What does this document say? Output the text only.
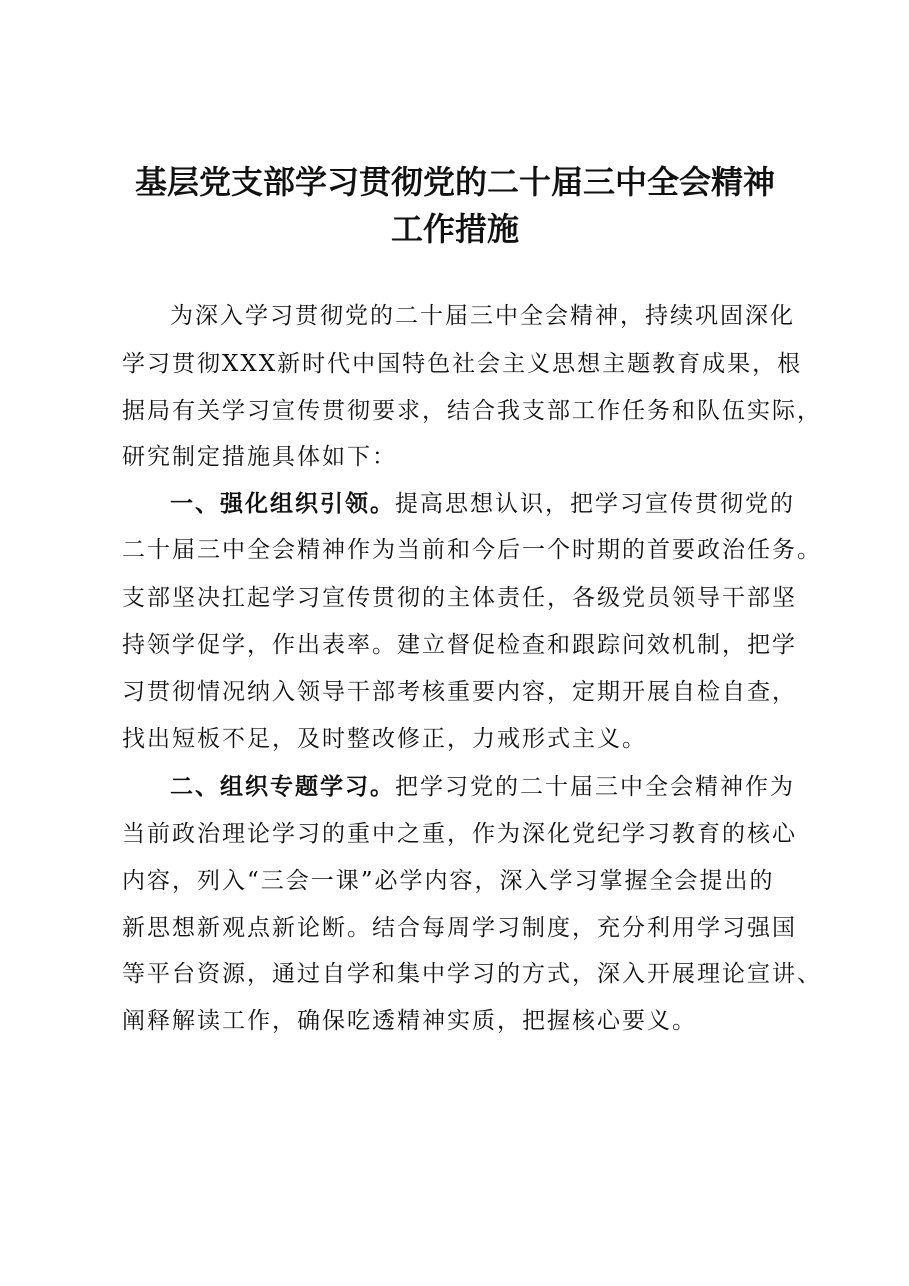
基层党支部学习贯彻党的二十届三中全会精神
工作措施
为深入学习贯彻党的二十届三中全会精神，持续巩固深化
学习贯彻XXX新时代中国特色社会主义思想主题教育成果，根
据局有关学习宣传贯彻要求，结合我支部工作任务和队伍实际，
研究制定措施具体如下：
一、强化组织引领。提高思想认识，把学习宣传贯彻党的
二十届三中全会精神作为当前和今后一个时期的首要政治任务。
支部坚决扛起学习宣传贯彻的主体责任，各级党员领导干部坚
持领学促学，作出表率。建立督促检查和跟踪问效机制，把学
习贯彻情况纳入领导干部考核重要内容，定期开展自检自查，
找出短板不足，及时整改修正，力戒形式主义。
二、组织专题学习。把学习党的二十届三中全会精神作为
当前政治理论学习的重中之重，作为深化党纪学习教育的核心
内容，列入“三会一课”必学内容，深入学习掌握全会提出的
新思想新观点新论断。结合每周学习制度，充分利用学习强国
等平台资源，通过自学和集中学习的方式，深入开展理论宣讲、
阐释解读工作，确保吃透精神实质，把握核心要义。
